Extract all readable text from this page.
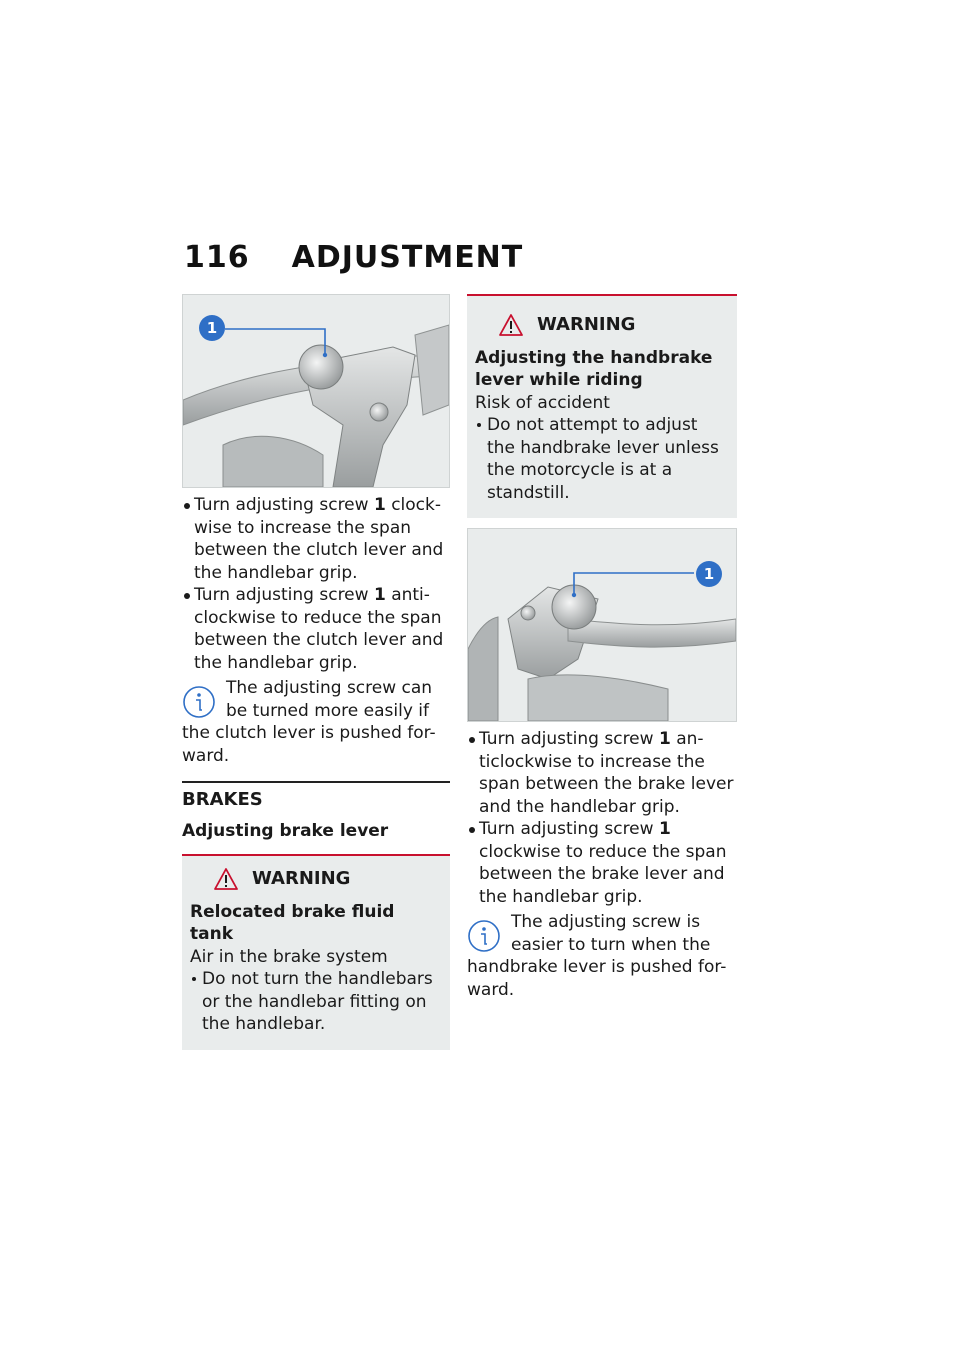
116 ADJUSTMENT
1
Turn adjusting screw 1 clock-wise to increase the span between the clutch lever and the handlebar grip.
Turn adjusting screw 1 anti-clockwise to reduce the span between the clutch lever and the handlebar grip.
The adjusting screw can be turned more easily if the clutch lever is pushed for-ward.
BRAKES
Adjusting brake lever
WARNING
Relocated brake fluid tank
Air in the brake system
Do not turn the handlebars or the handlebar fitting on the handlebar.
WARNING
Adjusting the handbrake lever while riding
Risk of accident
Do not attempt to adjust the handbrake lever unless the motorcycle is at a standstill.
1
Turn adjusting screw 1 an-ticlockwise to increase the span between the brake lever and the handlebar grip.
Turn adjusting screw 1 clockwise to reduce the span between the brake lever and the handlebar grip.
The adjusting screw is easier to turn when the handbrake lever is pushed for-ward.
